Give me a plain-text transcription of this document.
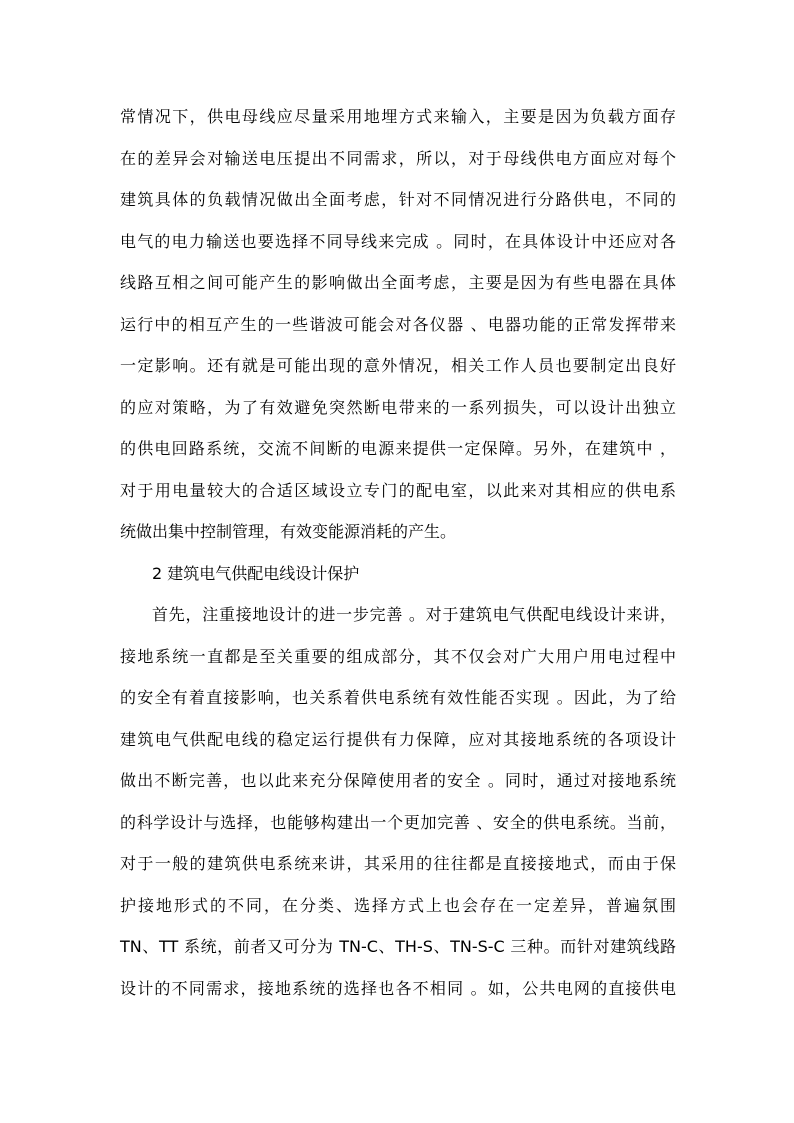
常情况下，供电母线应尽量采用地埋方式来输入，主要是因为负载方面存
在的差异会对输送电压提出不同需求，所以，对于母线供电方面应对每个
建筑具体的负载情况做出全面考虑，针对不同情况进行分路供电，不同的
电气的电力输送也要选择不同导线来完成 。同时，在具体设计中还应对各
线路互相之间可能产生的影响做出全面考虑，主要是因为有些电器在具体
运行中的相互产生的一些谐波可能会对各仪器 、电器功能的正常发挥带来
一定影响。还有就是可能出现的意外情况，相关工作人员也要制定出良好
的应对策略，为了有效避免突然断电带来的一系列损失，可以设计出独立
的供电回路系统，交流不间断的电源来提供一定保障。另外，在建筑中 ，
对于用电量较大的合适区域设立专门的配电室，以此来对其相应的供电系
统做出集中控制管理，有效变能源消耗的产生。
2 建筑电气供配电线设计保护
首先，注重接地设计的进一步完善 。对于建筑电气供配电线设计来讲，
接地系统一直都是至关重要的组成部分，其不仅会对广大用户用电过程中
的安全有着直接影响，也关系着供电系统有效性能否实现 。因此，为了给
建筑电气供配电线的稳定运行提供有力保障，应对其接地系统的各项设计
做出不断完善，也以此来充分保障使用者的安全 。同时，通过对接地系统
的科学设计与选择，也能够构建出一个更加完善 、安全的供电系统。当前，
对于一般的建筑供电系统来讲，其采用的往往都是直接接地式，而由于保
护接地形式的不同，在分类、选择方式上也会存在一定差异，普遍氛围
TN、TT 系统，前者又可分为 TN-C、TH-S、TN-S-C 三种。而针对建筑线路
设计的不同需求，接地系统的选择也各不相同 。如，公共电网的直接供电
